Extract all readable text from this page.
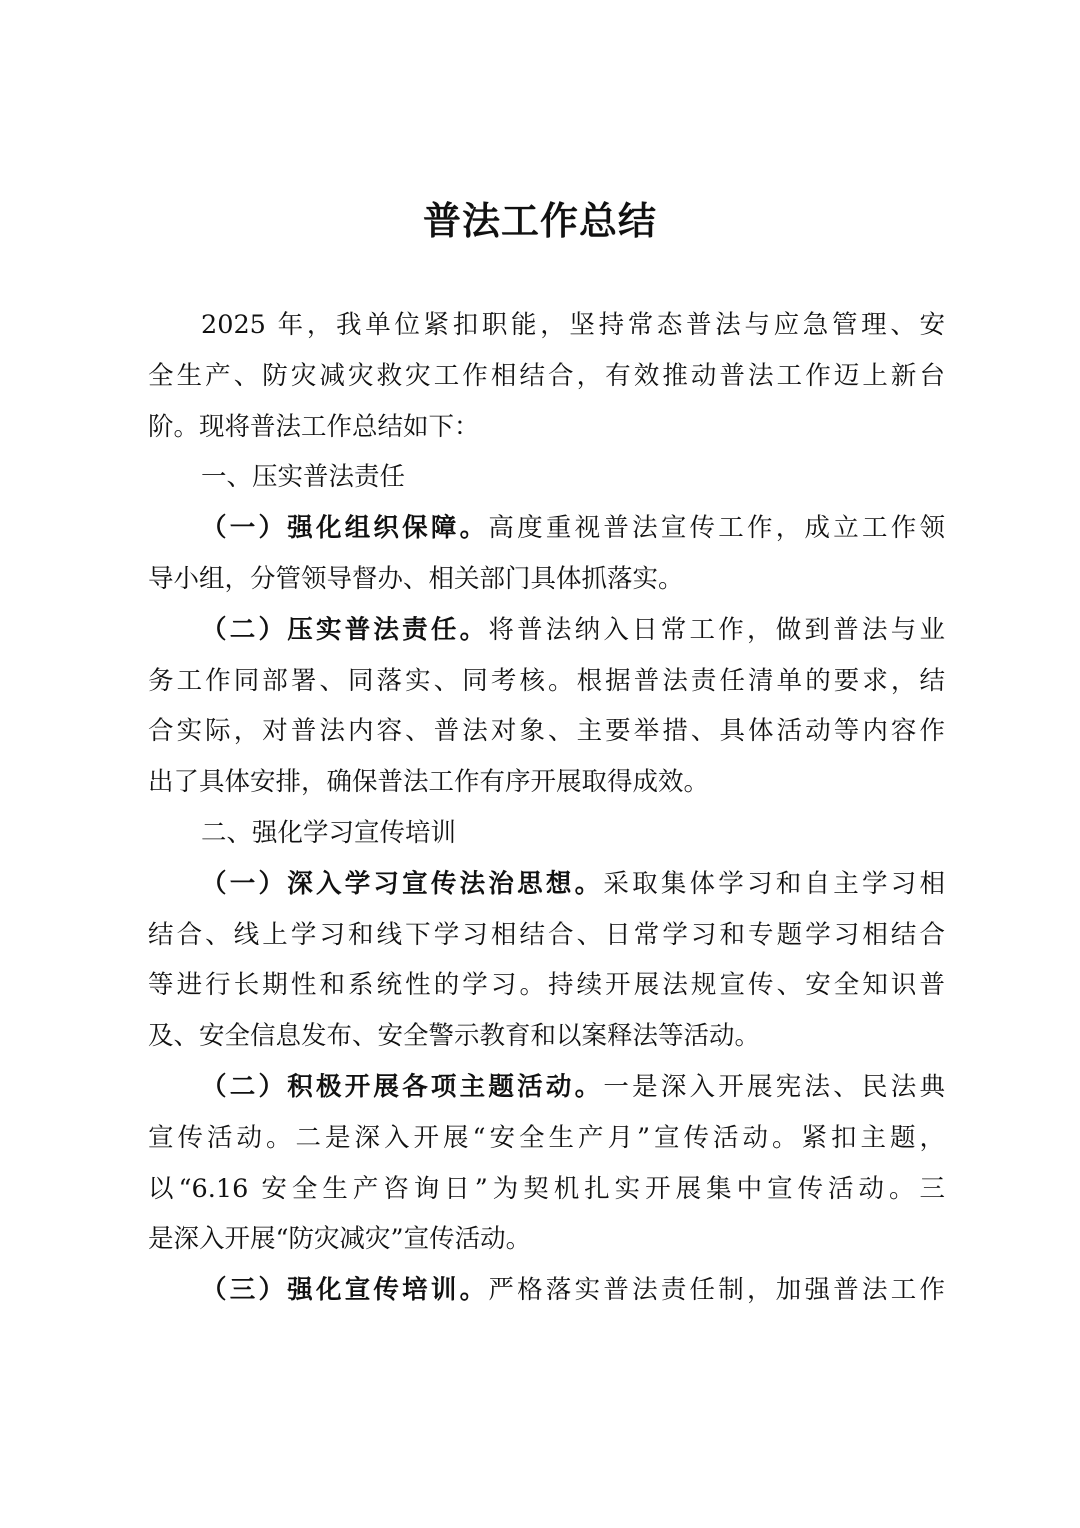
普法工作总结
2025 年，我单位紧扣职能，坚持常态普法与应急管理、安
全生产、防灾减灾救灾工作相结合，有效推动普法工作迈上新台
阶。现将普法工作总结如下：
一、压实普法责任
（一）强化组织保障。高度重视普法宣传工作，成立工作领
导小组，分管领导督办、相关部门具体抓落实。
（二）压实普法责任。将普法纳入日常工作，做到普法与业
务工作同部署、同落实、同考核。根据普法责任清单的要求，结
合实际，对普法内容、普法对象、主要举措、具体活动等内容作
出了具体安排，确保普法工作有序开展取得成效。
二、强化学习宣传培训
（一）深入学习宣传法治思想。采取集体学习和自主学习相
结合、线上学习和线下学习相结合、日常学习和专题学习相结合
等进行长期性和系统性的学习。持续开展法规宣传、安全知识普
及、安全信息发布、安全警示教育和以案释法等活动。
（二）积极开展各项主题活动。一是深入开展宪法、民法典
宣传活动。二是深入开展“安全生产月”宣传活动。紧扣主题，
以“6.16 安全生产咨询日”为契机扎实开展集中宣传活动。三
是深入开展“防灾减灾”宣传活动。
（三）强化宣传培训。严格落实普法责任制，加强普法工作
